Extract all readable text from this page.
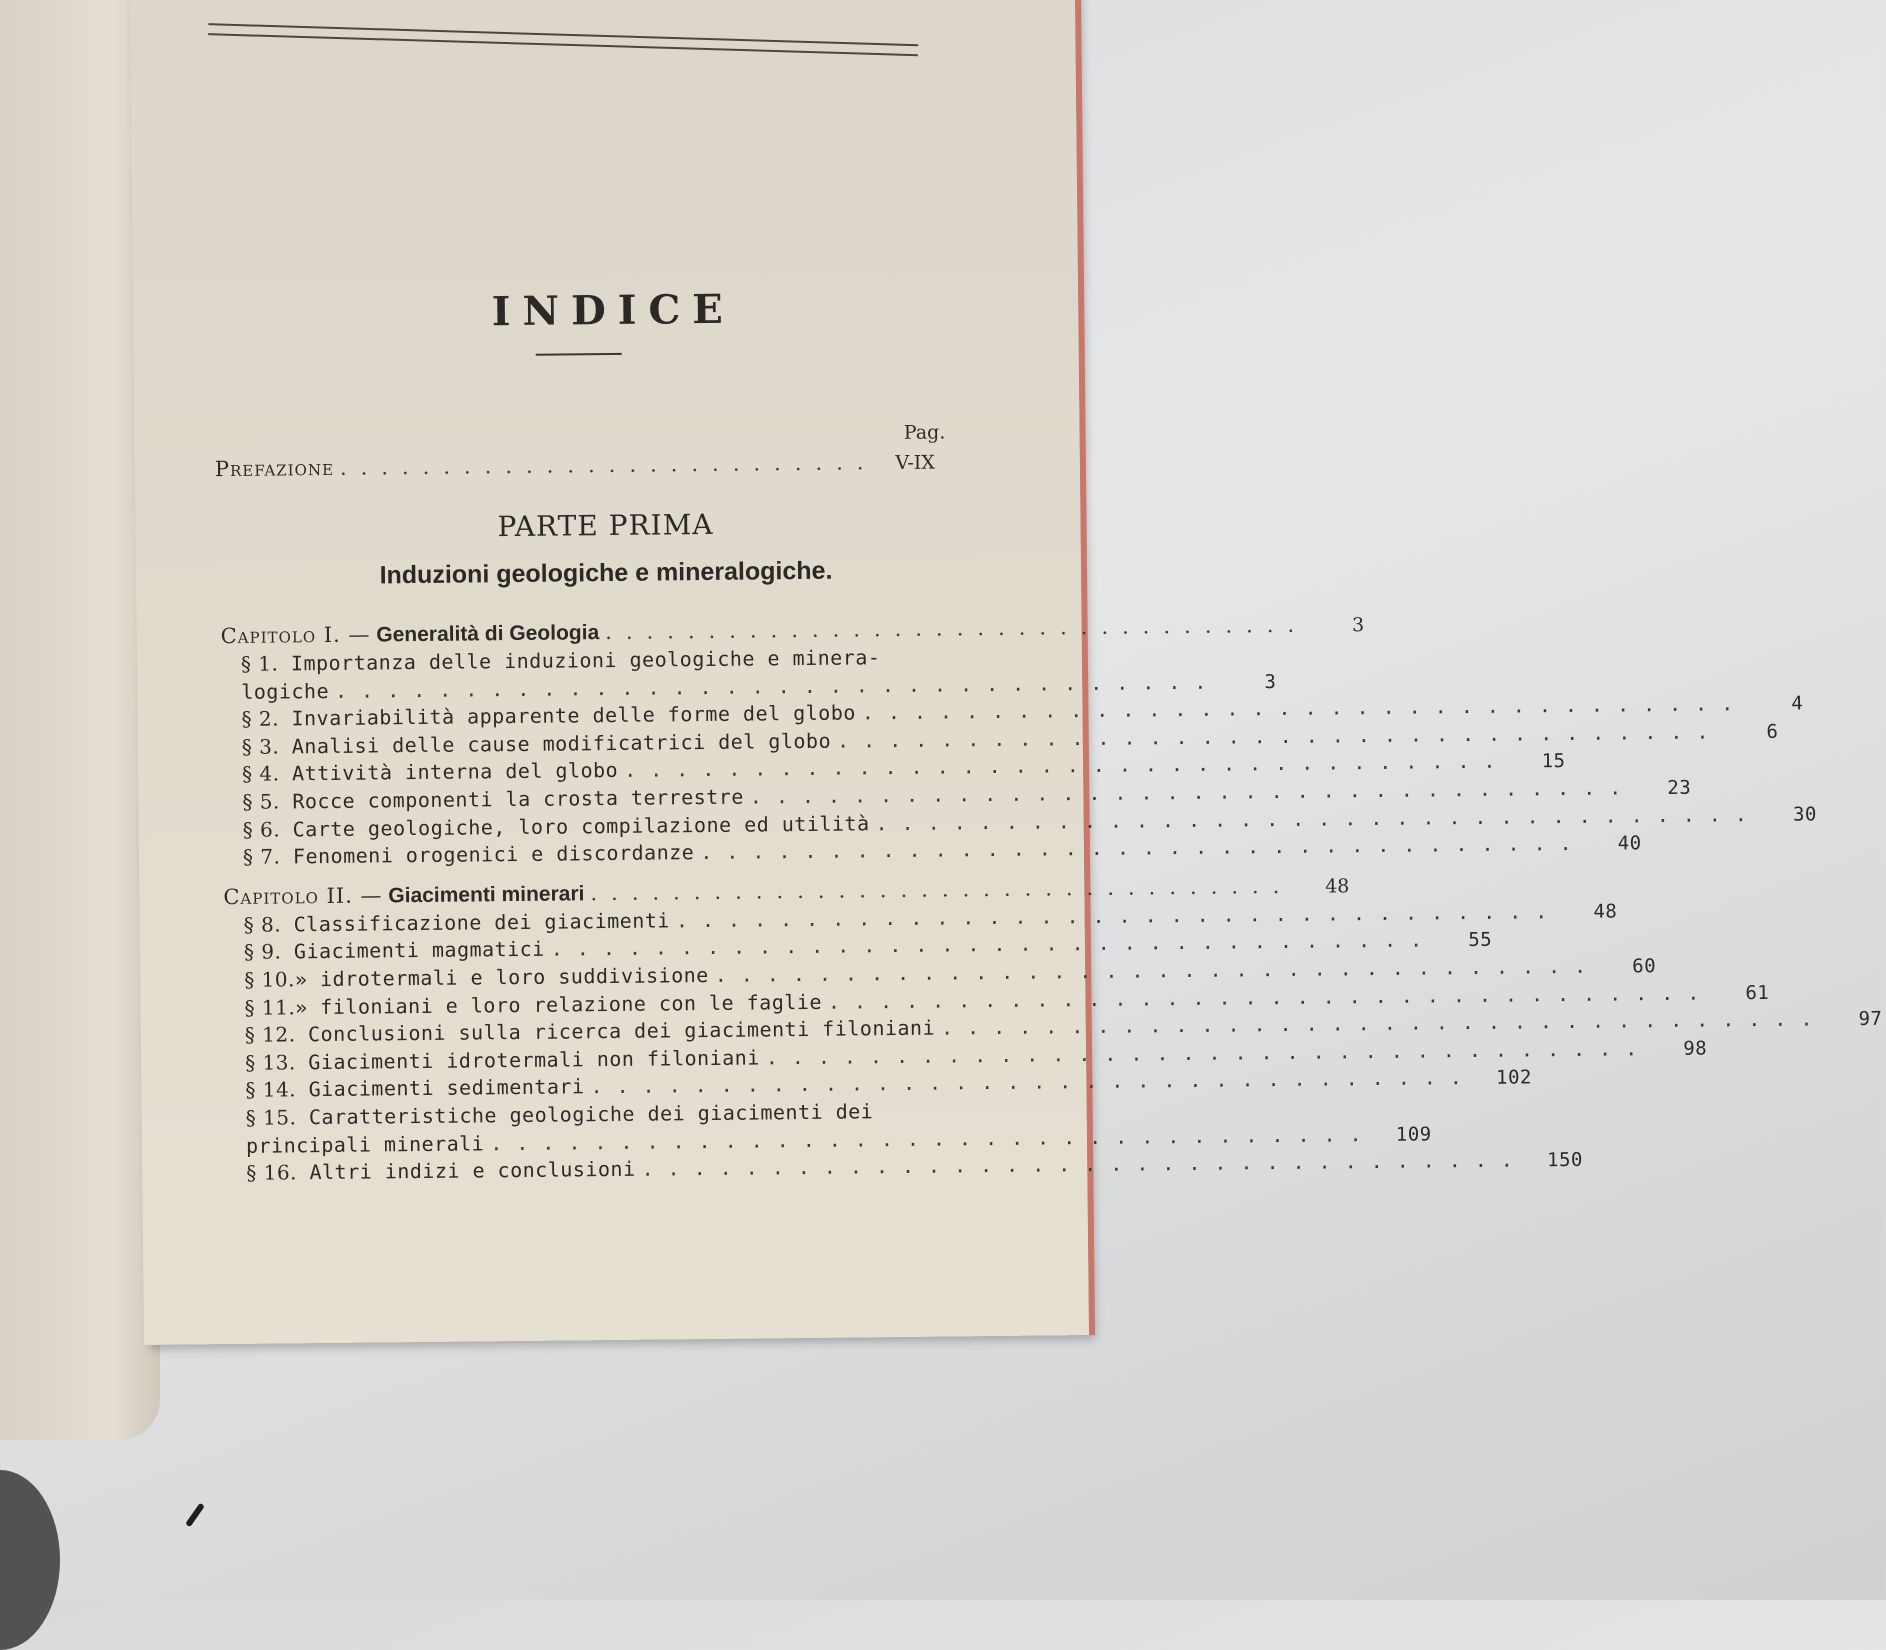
INDICE
Pag.
Prefazione .......................... V-IX
PARTE PRIMA
Induzioni geologiche e mineralogiche.
Capitolo I. — Generalità di Geologia ..................................	3
§ 1. Importanza delle induzioni geologiche e minera-
logiche ..................................	3
§ 2. Invariabilità apparente delle forme del globo ..................................	4
§ 3. Analisi delle cause modificatrici del globo ..................................	6
§ 4. Attività interna del globo ..................................	15
§ 5. Rocce componenti la crosta terrestre ..................................	23
§ 6. Carte geologiche, loro compilazione ed utilità ..................................	30
§ 7. Fenomeni orogenici e discordanze ..................................	40
Capitolo II. — Giacimenti minerari ..................................	48
§ 8. Classificazione dei giacimenti ..................................	48
§ 9. Giacimenti magmatici ..................................	55
§ 10. » idrotermali e loro suddivisione ..................................	60
§ 11. » filoniani e loro relazione con le faglie ..................................	61
§ 12. Conclusioni sulla ricerca dei giacimenti filoniani ..................................	97
§ 13. Giacimenti idrotermali non filoniani ..................................	98
§ 14. Giacimenti sedimentari ..................................	102
§ 15. Caratteristiche geologiche dei giacimenti dei
principali minerali ..................................	109
§ 16. Altri indizi e conclusioni ..................................	150
